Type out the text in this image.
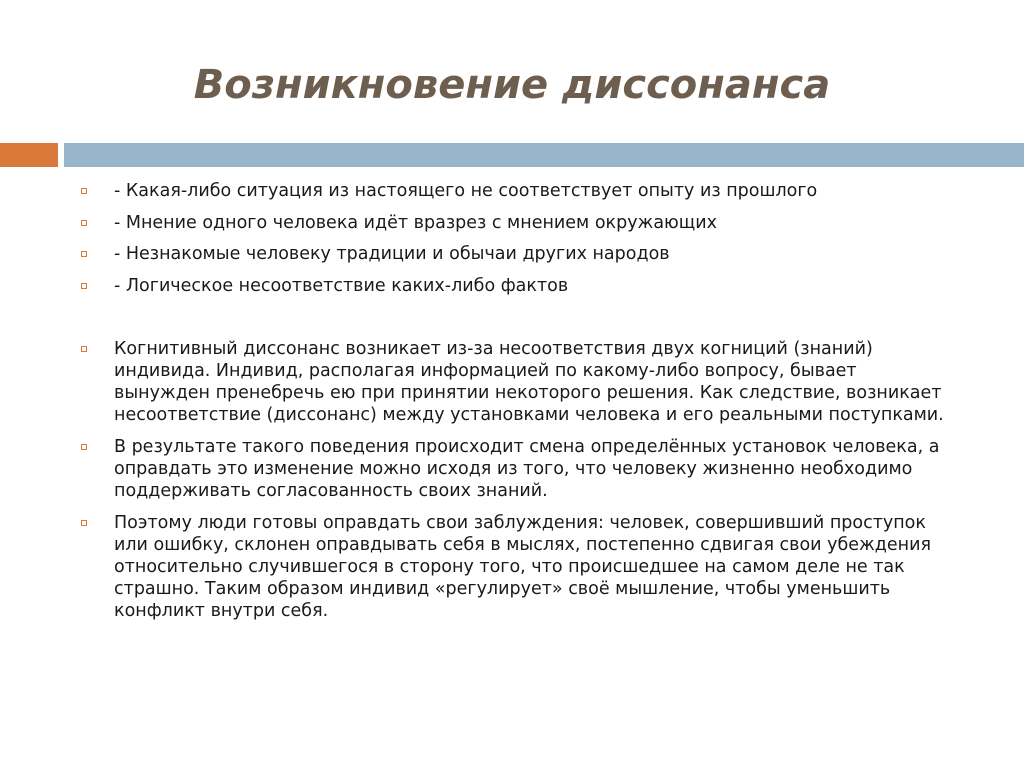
Возникновение диссонанса
- Какая-либо ситуация из настоящего не соответствует опыту из прошлого
- Мнение одного человека идёт вразрез с мнением окружающих
- Незнакомые человеку традиции и обычаи других народов
- Логическое несоответствие каких-либо фактов
Когнитивный диссонанс возникает из-за несоответствия двух когниций (знаний)
индивида. Индивид, располагая информацией по какому-либо вопросу, бывает
вынужден пренебречь ею при принятии некоторого решения. Как следствие, возникает
несоответствие (диссонанс) между установками человека и его реальными поступками.
В результате такого поведения происходит смена определённых установок человека, а
оправдать это изменение можно исходя из того, что человеку жизненно необходимо
поддерживать согласованность своих знаний.
Поэтому люди готовы оправдать свои заблуждения: человек, совершивший проступок
или ошибку, склонен оправдывать себя в мыслях, постепенно сдвигая свои убеждения
относительно случившегося в сторону того, что происшедшее на самом деле не так
страшно. Таким образом индивид «регулирует» своё мышление, чтобы уменьшить
конфликт внутри себя.
